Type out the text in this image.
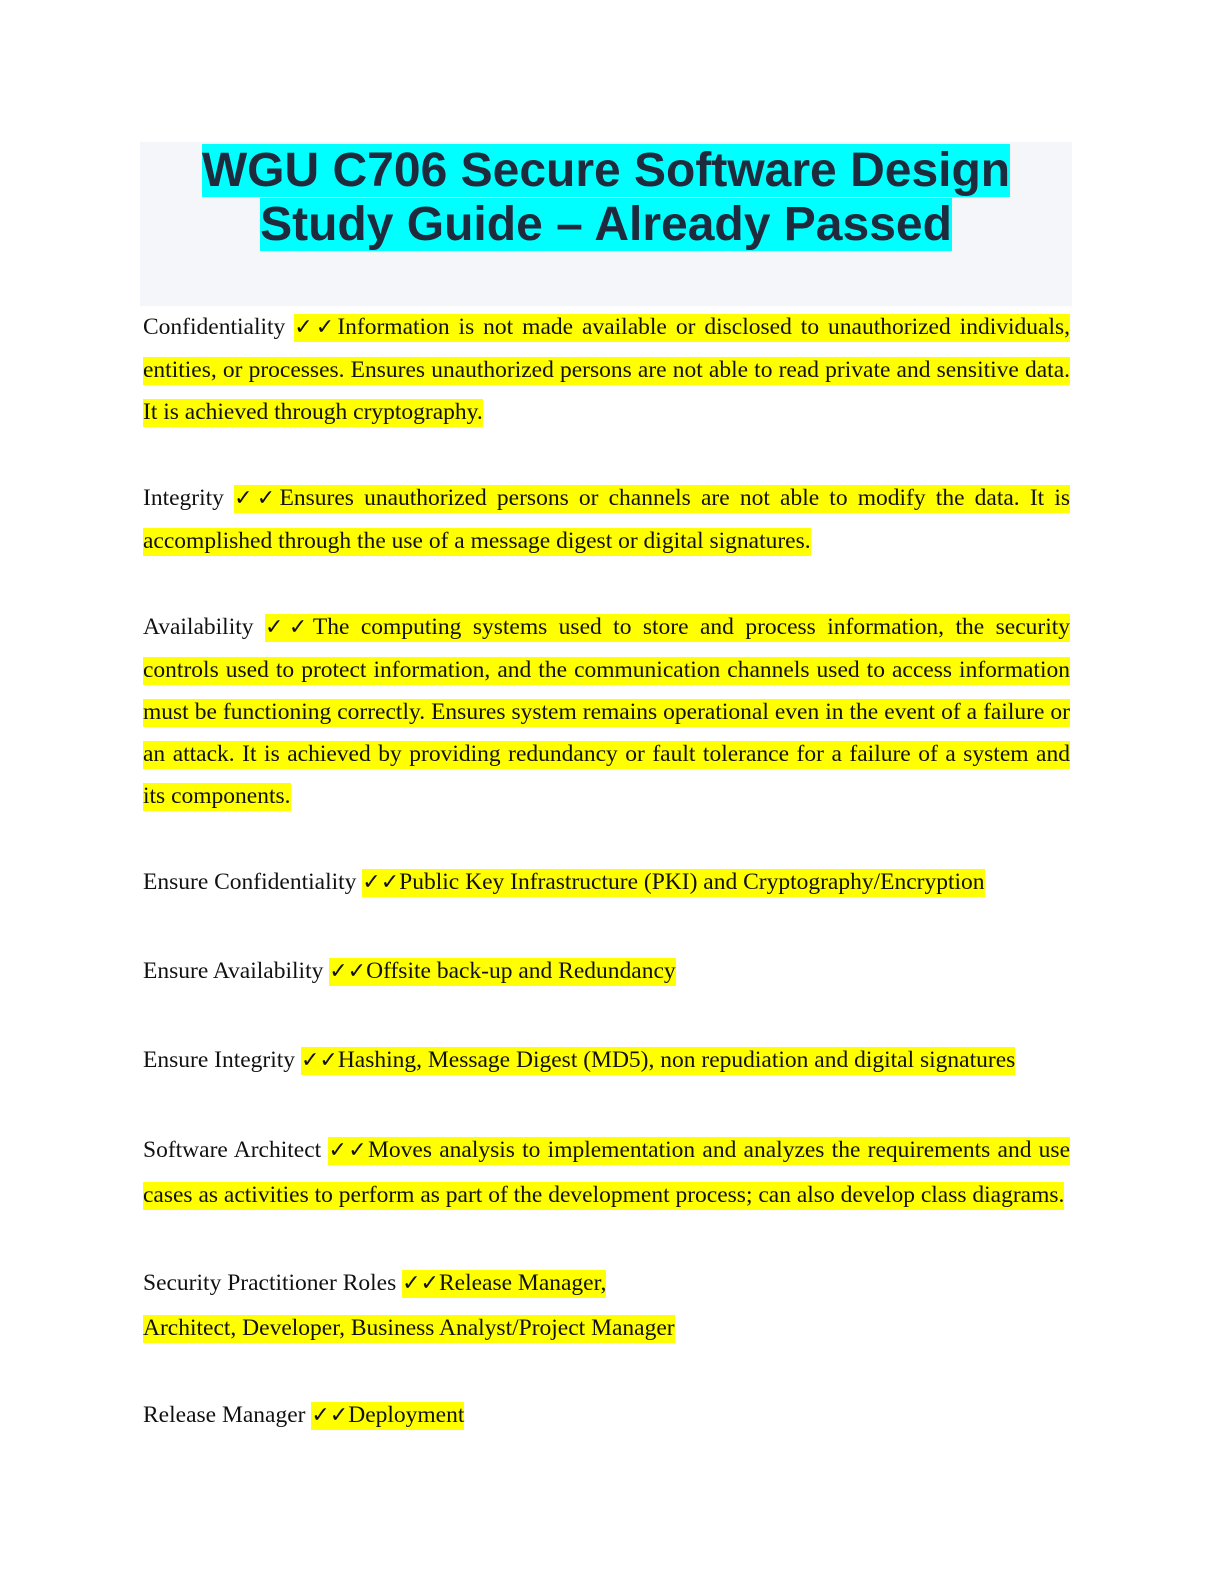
WGU C706 Secure Software Design Study Guide – Already Passed

Confidentiality ✓✓Information is not made available or disclosed to unauthorized individuals, entities, or processes. Ensures unauthorized persons are not able to read private and sensitive data. It is achieved through cryptography.

Integrity ✓✓Ensures unauthorized persons or channels are not able to modify the data. It is accomplished through the use of a message digest or digital signatures.

Availability ✓✓The computing systems used to store and process information, the security controls used to protect information, and the communication channels used to access information must be functioning correctly. Ensures system remains operational even in the event of a failure or an attack. It is achieved by providing redundancy or fault tolerance for a failure of a system and its components.

Ensure Confidentiality ✓✓Public Key Infrastructure (PKI) and Cryptography/Encryption

Ensure Availability ✓✓Offsite back-up and Redundancy

Ensure Integrity ✓✓Hashing, Message Digest (MD5), non repudiation and digital signatures

Software Architect ✓✓Moves analysis to implementation and analyzes the requirements and use cases as activities to perform as part of the development process; can also develop class diagrams.

Security Practitioner Roles ✓✓Release Manager,
Architect, Developer, Business Analyst/Project Manager

Release Manager ✓✓Deployment
